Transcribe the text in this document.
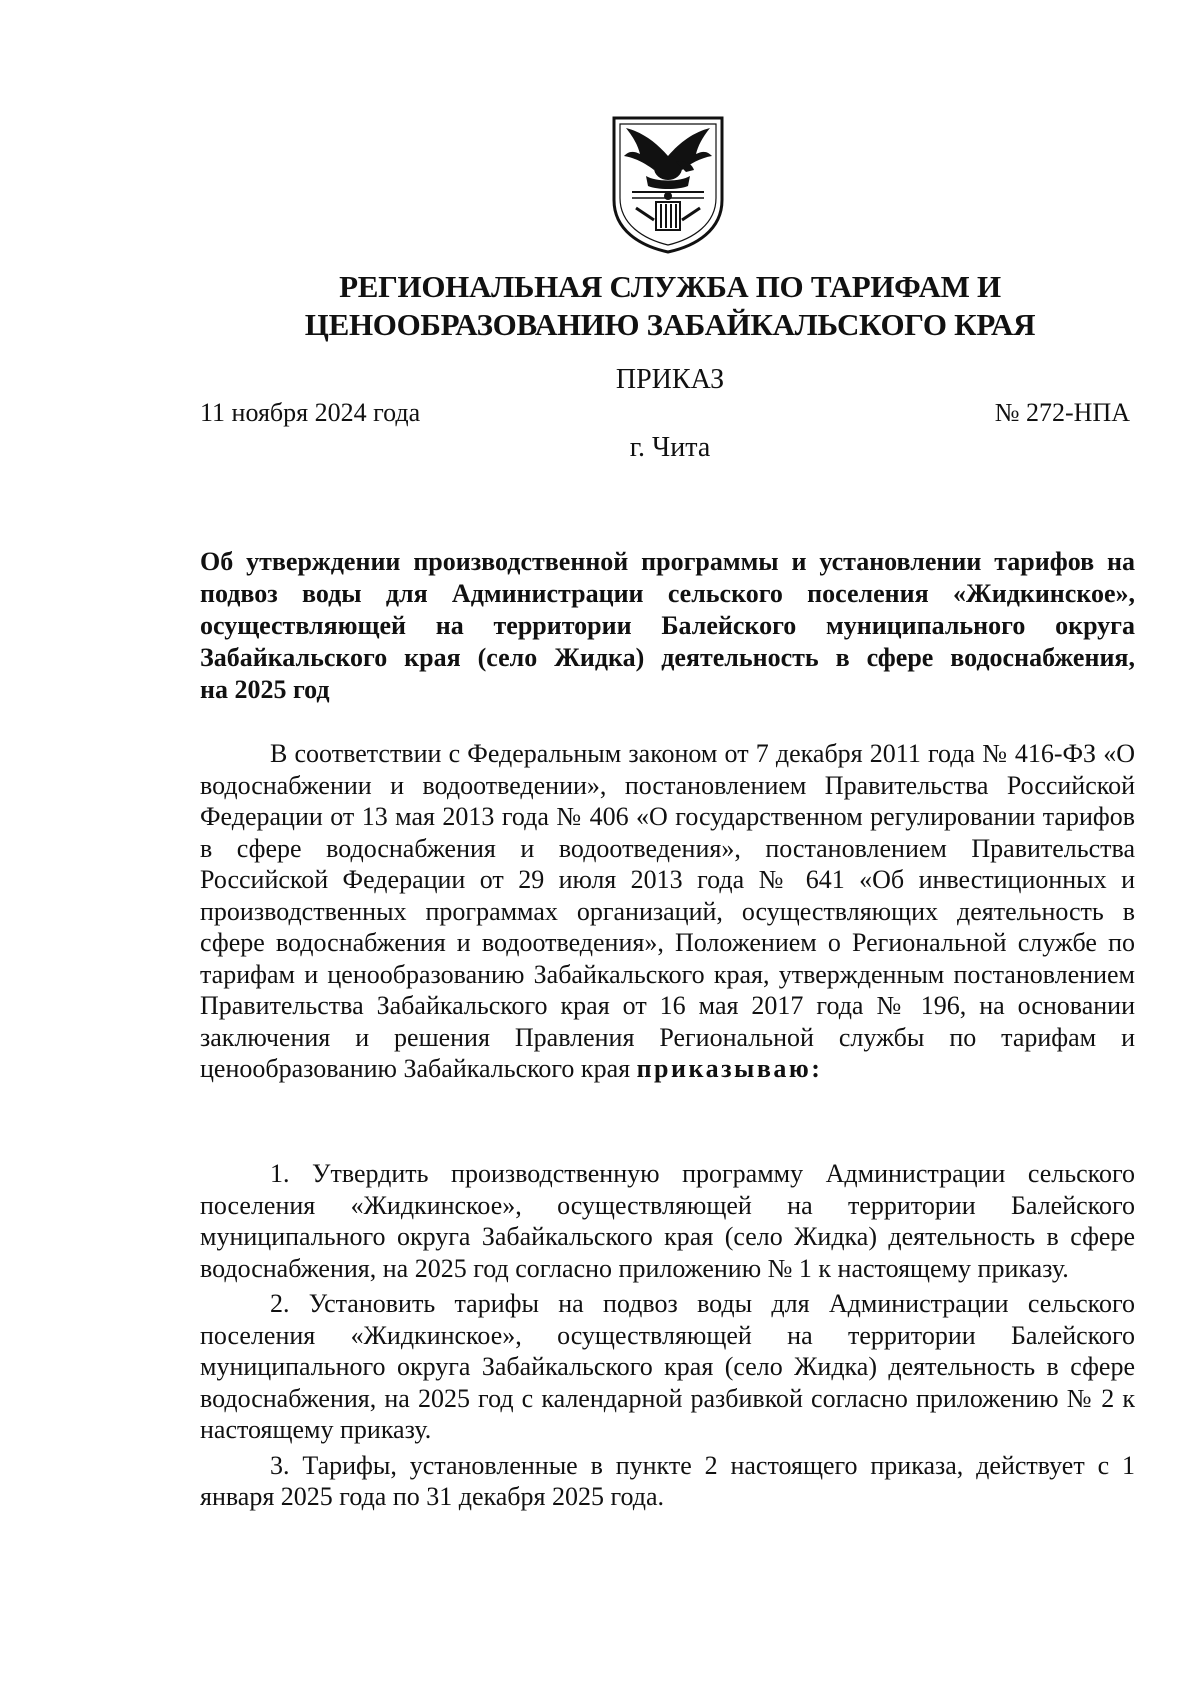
РЕГИОНАЛЬНАЯ СЛУЖБА ПО ТАРИФАМ И
ЦЕНООБРАЗОВАНИЮ ЗАБАЙКАЛЬСКОГО КРАЯ
ПРИКАЗ
11 ноября 2024 года	№ 272-НПА
г. Чита
Об утверждении производственной программы и установлении тарифов на подвоз воды для Администрации сельского поселения «Жидкинское», осуществляющей на территории Балейского муниципального округа Забайкальского края (село Жидка) деятельность в сфере водоснабжения,
на 2025 год

В соответствии с Федеральным законом от 7 декабря 2011 года № 416-ФЗ «О водоснабжении и водоотведении», постановлением Правительства Российской Федерации от 13 мая 2013 года № 406 «О государственном регулировании тарифов в сфере водоснабжения и водоотведения», постановлением Правительства Российской Федерации от 29 июля 2013 года № 641 «Об инвестиционных и производственных программах организаций, осуществляющих деятельность в сфере водоснабжения и водоотведения», Положением о Региональной службе по тарифам и ценообразованию Забайкальского края, утвержденным постановлением Правительства Забайкальского края от 16 мая 2017 года № 196, на основании заключения и решения Правления Региональной службы по тарифам и ценообразованию Забайкальского края приказываю:

1. Утвердить производственную программу Администрации сельского поселения «Жидкинское», осуществляющей на территории Балейского муниципального округа Забайкальского края (село Жидка) деятельность в сфере водоснабжения, на 2025 год согласно приложению № 1 к настоящему приказу.

2. Установить тарифы на подвоз воды для Администрации сельского поселения «Жидкинское», осуществляющей на территории Балейского муниципального округа Забайкальского края (село Жидка) деятельность в сфере водоснабжения, на 2025 год с календарной разбивкой согласно приложению № 2 к настоящему приказу.

3. Тарифы, установленные в пункте 2 настоящего приказа, действует с 1 января 2025 года по 31 декабря 2025 года.
